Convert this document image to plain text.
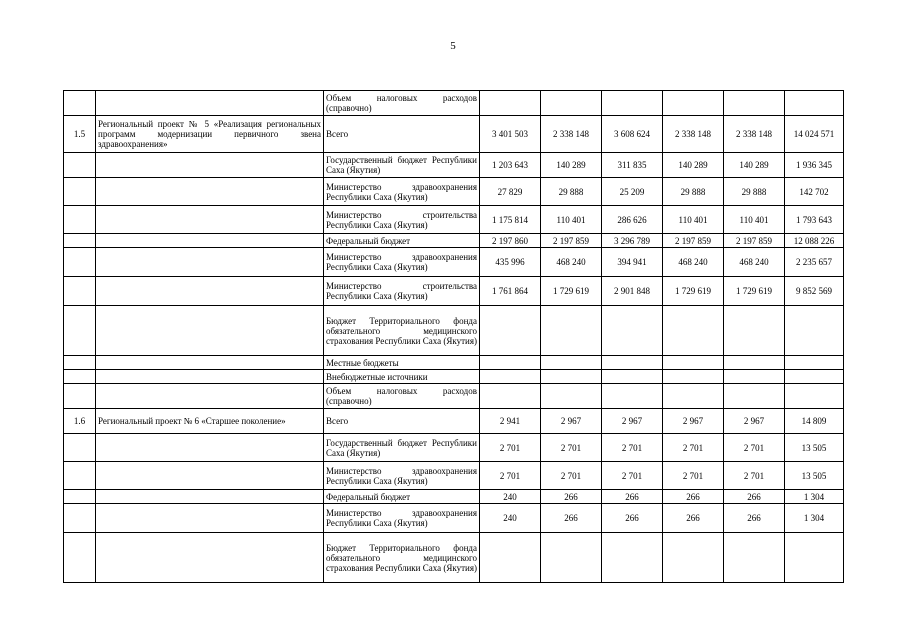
5
		Объем налоговых расходов (справочно)						
1.5	Региональный проект № 5 «Реализация региональных программ модернизации первичного звена здравоохранения»	Всего	3 401 503	2 338 148	3 608 624	2 338 148	2 338 148	14 024 571
		Государственный бюджет Республики Саха (Якутия)	1 203 643	140 289	311 835	140 289	140 289	1 936 345
		Министерство здравоохранения Республики Саха (Якутия)	27 829	29 888	25 209	29 888	29 888	142 702
		Министерство строительства Республики Саха (Якутия)	1 175 814	110 401	286 626	110 401	110 401	1 793 643
		Федеральный бюджет	2 197 860	2 197 859	3 296 789	2 197 859	2 197 859	12 088 226
		Министерство здравоохранения Республики Саха (Якутия)	435 996	468 240	394 941	468 240	468 240	2 235 657
		Министерство строительства Республики Саха (Якутия)	1 761 864	1 729 619	2 901 848	1 729 619	1 729 619	9 852 569
		Бюджет Территориального фонда обязательного медицинского страхования Республики Саха (Якутия)						
		Местные бюджеты						
		Внебюджетные источники						
		Объем налоговых расходов (справочно)						
1.6	Региональный проект № 6 «Старшее поколение»	Всего	2 941	2 967	2 967	2 967	2 967	14 809
		Государственный бюджет Республики Саха (Якутия)	2 701	2 701	2 701	2 701	2 701	13 505
		Министерство здравоохранения Республики Саха (Якутия)	2 701	2 701	2 701	2 701	2 701	13 505
		Федеральный бюджет	240	266	266	266	266	1 304
		Министерство здравоохранения Республики Саха (Якутия)	240	266	266	266	266	1 304
		Бюджет Территориального фонда обязательного медицинского страхования Республики Саха (Якутия)						
